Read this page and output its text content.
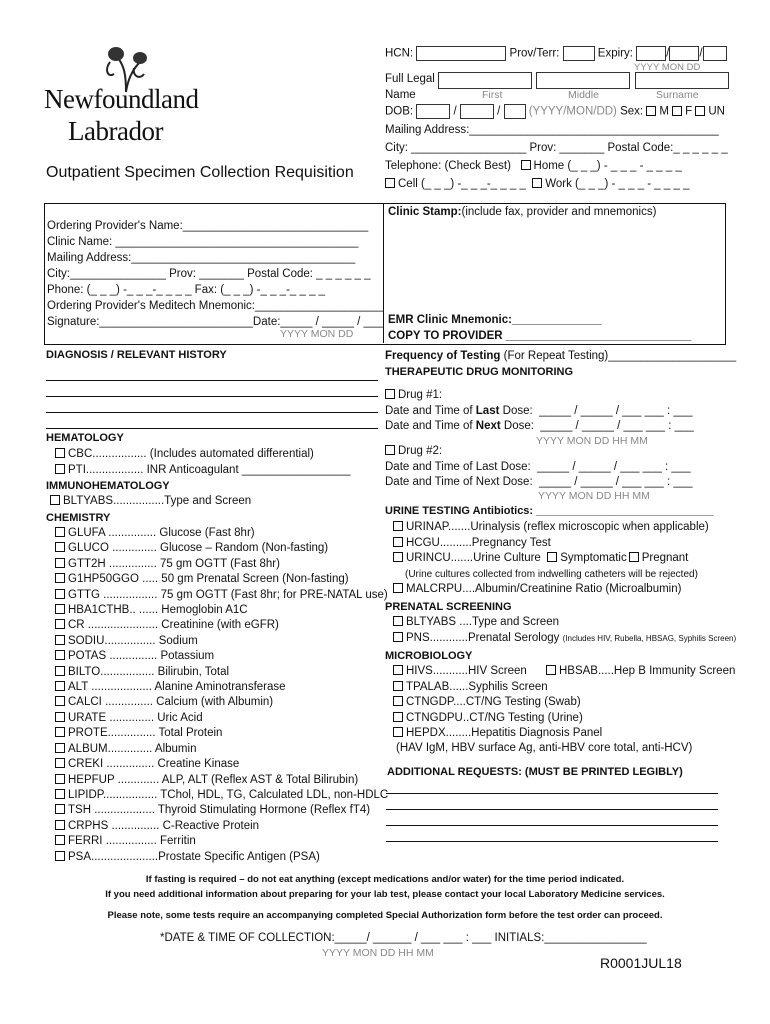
Newfoundland
Labrador
Outpatient Specimen Collection Requisition
HCN:	Prov/Terr:	Expiry:	/	/
YYYY MON DD
Full Legal
Name
	First	Middle	Surname
DOB:	/	/  (YYYY/MON/DD) Sex: M F UN
Mailing Address:_______________________________________
City: __________________ Prov: _______ Postal Code:_ _ _ _ _ _
Telephone: (Check Best) Home (_ _ _) - _ _ _ - _ _ _ _
Cell (_ _ _) -_ _ _-_ _ _ _ Work (_ _ _) - _ _ _ - _ _ _ _
Ordering Provider's Name:_____________________________
Clinic Name: ______________________________________
Mailing Address:___________________________________
City:_______________ Prov: _______ Postal Code: _ _ _ _ _ _
Phone: (_ _ _) -_ _ _-_ _ _ _ Fax: (_ _ _) -_ _ _-_ _ _ _
Ordering Provider's Meditech Mnemonic:____________________
Signature:________________________Date:_____ / _____ / ___
YYYY MON DD
Clinic Stamp:(include fax, provider and mnemonics)
EMR Clinic Mnemonic:______________
COPY TO PROVIDER _____________________________
DIAGNOSIS / RELEVANT HISTORY
HEMATOLOGY
CBC................. (Includes automated differential)
PTI.................. INR Anticoagulant _________________
IMMUNOHEMATOLOGY
BLTYABS................Type and Screen
CHEMISTRY
GLUFA ............... Glucose (Fast 8hr)
GLUCO .............. Glucose – Random (Non-fasting)
GTT2H ............... 75 gm OGTT (Fast 8hr)
G1HP50GGO ..... 50 gm Prenatal Screen (Non-fasting)
GTTG ................. 75 gm OGTT (Fast 8hr; for PRE-NATAL use)
HBA1CTHB.. ...... Hemoglobin A1C
CR ...................... Creatinine (with eGFR)
SODIU................ Sodium
POTAS ............... Potassium
BILTO................. Bilirubin, Total
ALT ................... Alanine Aminotransferase
CALCI ............... Calcium (with Albumin)
URATE .............. Uric Acid
PROTE............... Total Protein
ALBUM.............. Albumin
CREKI ............... Creatine Kinase
HEPFUP ............. ALP, ALT (Reflex AST & Total Bilirubin)
LIPIDP................. TChol, HDL, TG, Calculated LDL, non-HDLC
TSH ................... Thyroid Stimulating Hormone (Reflex fT4)
CRPHS ............... C-Reactive Protein
FERRI ................ Ferritin
PSA.....................Prostate Specific Antigen (PSA)
Frequency of Testing (For Repeat Testing)____________________
THERAPEUTIC DRUG MONITORING
Drug #1:
Date and Time of Last Dose: _____ / _____ / ___ ___ : ___
Date and Time of Next Dose: _____ / _____ / ___ ___ : ___
YYYY MON DD HH MM
Drug #2:
Date and Time of Last Dose: _____ / _____ / ___ ___ : ___
Date and Time of Next Dose: _____ / _____ / ___ ___ : ___
YYYY MON DD HH MM
URINE TESTING Antibiotics: _____________________________
URINAP.......Urinalysis (reflex microscopic when applicable)
HCGU..........Pregnancy Test
URINCU.......Urine Culture Symptomatic Pregnant
(Urine cultures collected from indwelling catheters will be rejected)
MALCRPU....Albumin/Creatinine Ratio (Microalbumin)
PRENATAL SCREENING
BLTYABS ....Type and Screen
PNS............Prenatal Serology (Includes HIV, Rubella, HBSAG, Syphilis Screen)
MICROBIOLOGY
HIVS...........HIV Screen	HBSAB.....Hep B Immunity Screen
TPALAB......Syphilis Screen
CTNGDP....CT/NG Testing (Swab)
CTNGDPU..CT/NG Testing (Urine)
HEPDX........Hepatitis Diagnosis Panel
(HAV IgM, HBV surface Ag, anti-HBV core total, anti-HCV)
ADDITIONAL REQUESTS: (MUST BE PRINTED LEGIBLY)
If fasting is required – do not eat anything (except medications and/or water) for the time period indicated.
If you need additional information about preparing for your lab test, please contact your local Laboratory Medicine services.
Please note, some tests require an accompanying completed Special Authorization form before the test order can proceed.
*DATE & TIME OF COLLECTION:_____/ ______ / ___ ___ : ___ INITIALS:________________
YYYY MON DD HH MM
R0001JUL18
